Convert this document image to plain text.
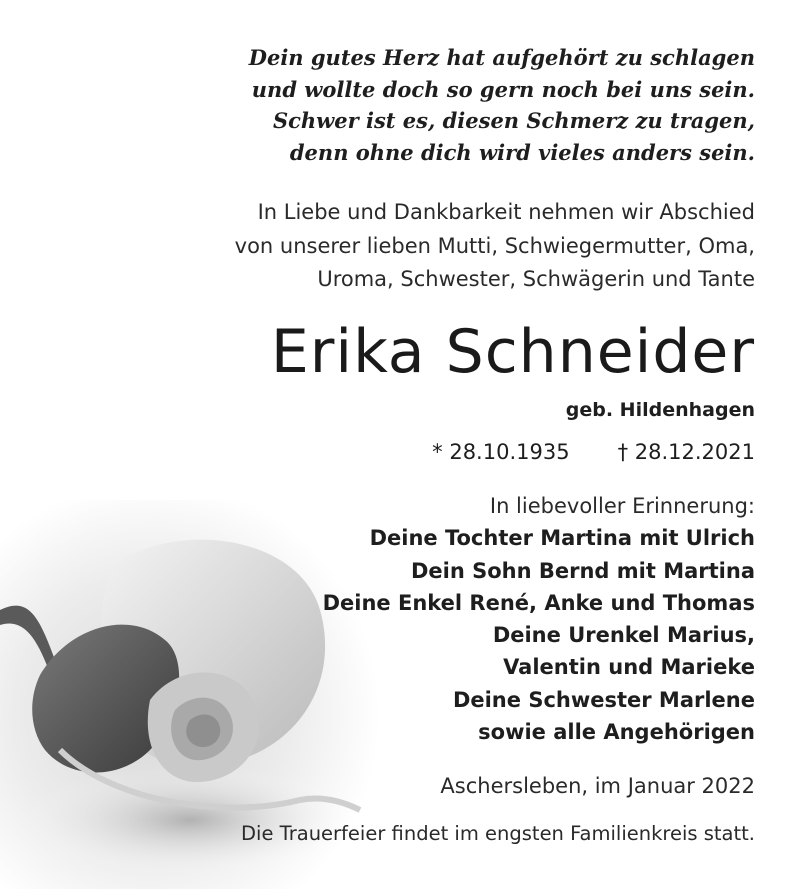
Dein gutes Herz hat aufgehört zu schlagen
und wollte doch so gern noch bei uns sein.
Schwer ist es, diesen Schmerz zu tragen,
denn ohne dich wird vieles anders sein.
In Liebe und Dankbarkeit nehmen wir Abschied
von unserer lieben Mutti, Schwiegermutter, Oma,
Uroma, Schwester, Schwägerin und Tante
Erika Schneider
geb. Hildenhagen
* 28.10.1935 † 28.12.2021
In liebevoller Erinnerung:
Deine Tochter Martina mit Ulrich
Dein Sohn Bernd mit Martina
Deine Enkel René, Anke und Thomas
Deine Urenkel Marius,
Valentin und Marieke
Deine Schwester Marlene
sowie alle Angehörigen
Aschersleben, im Januar 2022
Die Trauerfeier findet im engsten Familienkreis statt.
